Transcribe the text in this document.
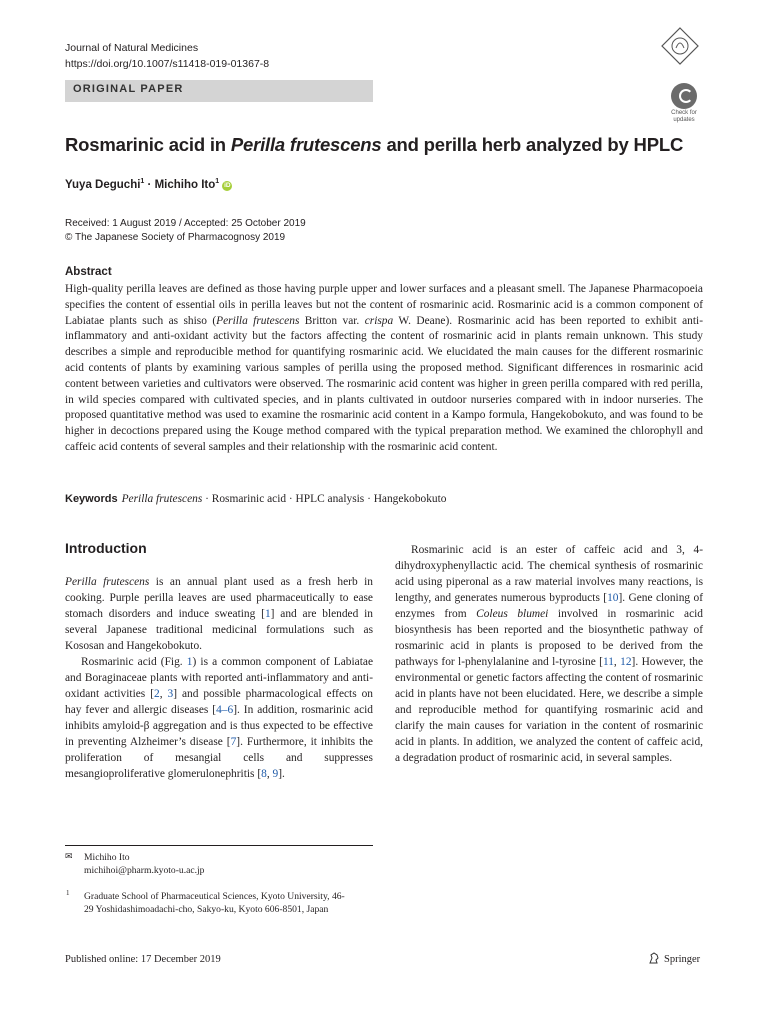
Journal of Natural Medicines
https://doi.org/10.1007/s11418-019-01367-8
ORIGINAL PAPER
Check for
updates
Rosmarinic acid in Perilla frutescens and perilla herb analyzed by HPLC
Yuya Deguchi$^1$ · Michiho Ito$^1$ iD
Received: 1 August 2019 / Accepted: 25 October 2019
© The Japanese Society of Pharmacognosy 2019
Abstract
High-quality perilla leaves are defined as those having purple upper and lower surfaces and a pleasant smell. The Japanese Pharmacopoeia specifies the content of essential oils in perilla leaves but not the content of rosmarinic acid. Rosmarinic acid is a common component of Labiatae plants such as shiso (Perilla frutescens Britton var. crispa W. Deane). Rosmarinic acid has been reported to exhibit anti-inflammatory and anti-oxidant activity but the factors affecting the content of rosmarinic acid in plants remain unknown. This study describes a simple and reproducible method for quantifying rosmarinic acid. We elucidated the main causes for the different rosmarinic acid contents of plants by examining various samples of perilla using the proposed method. Significant differences in rosmarinic acid content between varieties and cultivators were observed. The rosmarinic acid content was higher in green perilla compared with red perilla, in wild species compared with cultivated species, and in plants cultivated in outdoor nurseries compared with in indoor nurseries. The proposed quantitative method was used to examine the rosmarinic acid content in a Kampo formula, Hangekobokuto, and was found to be higher in decoctions prepared using the Kouge method compared with the typical preparation method. We examined the chlorophyll and caffeic acid contents of several samples and their relationship with the rosmarinic acid content.
Keywords Perilla frutescens · Rosmarinic acid · HPLC analysis · Hangekobokuto
Introduction

Perilla frutescens is an annual plant used as a fresh herb in cooking. Purple perilla leaves are used pharmaceutically to ease stomach disorders and induce sweating [1] and are blended in several Japanese traditional medicinal formulations such as Kososan and Hangekobokuto.

Rosmarinic acid (Fig. 1) is a common component of Labiatae and Boraginaceae plants with reported anti-inflammatory and anti-oxidant activities [2, 3] and possible pharmacological effects on hay fever and allergic diseases [4–6]. In addition, rosmarinic acid inhibits amyloid-β aggregation and is thus expected to be effective in preventing Alzheimer’s disease [7]. Furthermore, it inhibits the proliferation of mesangial cells and suppresses mesangioproliferative glomerulonephritis [8, 9].

Rosmarinic acid is an ester of caffeic acid and 3, 4-dihydroxyphenyllactic acid. The chemical synthesis of rosmarinic acid using piperonal as a raw material involves many reactions, is lengthy, and generates numerous byproducts [10]. Gene cloning of enzymes from Coleus blumei involved in rosmarinic acid biosynthesis has been reported and the biosynthetic pathway of rosmarinic acid in plants is proposed to be derived from the pathways for l-phenylalanine and l-tyrosine [11, 12]. However, the environmental or genetic factors affecting the content of rosmarinic acid in plants have not been elucidated. Here, we describe a simple and reproducible method for quantifying rosmarinic acid and clarify the main causes for variation in the content of rosmarinic acid in plants. In addition, we analyzed the content of caffeic acid, a degradation product of rosmarinic acid, in several samples.

✉ Michiho Ito
michihoi@pharm.kyoto-u.ac.jp
1 Graduate School of Pharmaceutical Sciences, Kyoto University, 46-29 Yoshidashimoadachi-cho, Sakyo-ku, Kyoto 606-8501, Japan
Published online: 17 December 2019	Springer
